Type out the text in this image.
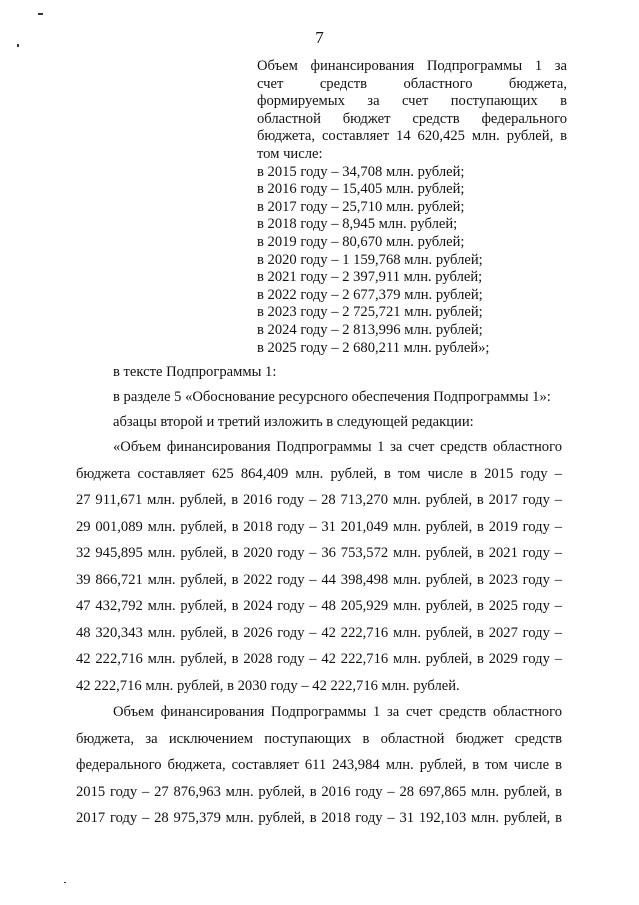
7
Объем финансирования Подпрограммы 1 за
счет средств областного бюджета,
формируемых за счет поступающих в
областной бюджет средств федерального
бюджета, составляет 14 620,425 млн. рублей, в
том числе:
в 2015 году – 34,708 млн. рублей;
в 2016 году – 15,405 млн. рублей;
в 2017 году – 25,710 млн. рублей;
в 2018 году – 8,945 млн. рублей;
в 2019 году – 80,670 млн. рублей;
в 2020 году – 1 159,768 млн. рублей;
в 2021 году – 2 397,911 млн. рублей;
в 2022 году – 2 677,379 млн. рублей;
в 2023 году – 2 725,721 млн. рублей;
в 2024 году – 2 813,996 млн. рублей;
в 2025 году – 2 680,211 млн. рублей»;
в тексте Подпрограммы 1:
в разделе 5 «Обоснование ресурсного обеспечения Подпрограммы 1»:
абзацы второй и третий изложить в следующей редакции:
«Объем финансирования Подпрограммы 1 за счет средств областного
бюджета составляет 625 864,409 млн. рублей, в том числе в 2015 году –
27 911,671 млн. рублей, в 2016 году – 28 713,270 млн. рублей, в 2017 году –
29 001,089 млн. рублей, в 2018 году – 31 201,049 млн. рублей, в 2019 году –
32 945,895 млн. рублей, в 2020 году – 36 753,572 млн. рублей, в 2021 году –
39 866,721 млн. рублей, в 2022 году – 44 398,498 млн. рублей, в 2023 году –
47 432,792 млн. рублей, в 2024 году – 48 205,929 млн. рублей, в 2025 году –
48 320,343 млн. рублей, в 2026 году – 42 222,716 млн. рублей, в 2027 году –
42 222,716 млн. рублей, в 2028 году – 42 222,716 млн. рублей, в 2029 году –
42 222,716 млн. рублей, в 2030 году – 42 222,716 млн. рублей.
Объем финансирования Подпрограммы 1 за счет средств областного
бюджета, за исключением поступающих в областной бюджет средств
федерального бюджета, составляет 611 243,984 млн. рублей, в том числе в
2015 году – 27 876,963 млн. рублей, в 2016 году – 28 697,865 млн. рублей, в
2017 году – 28 975,379 млн. рублей, в 2018 году – 31 192,103 млн. рублей, в
